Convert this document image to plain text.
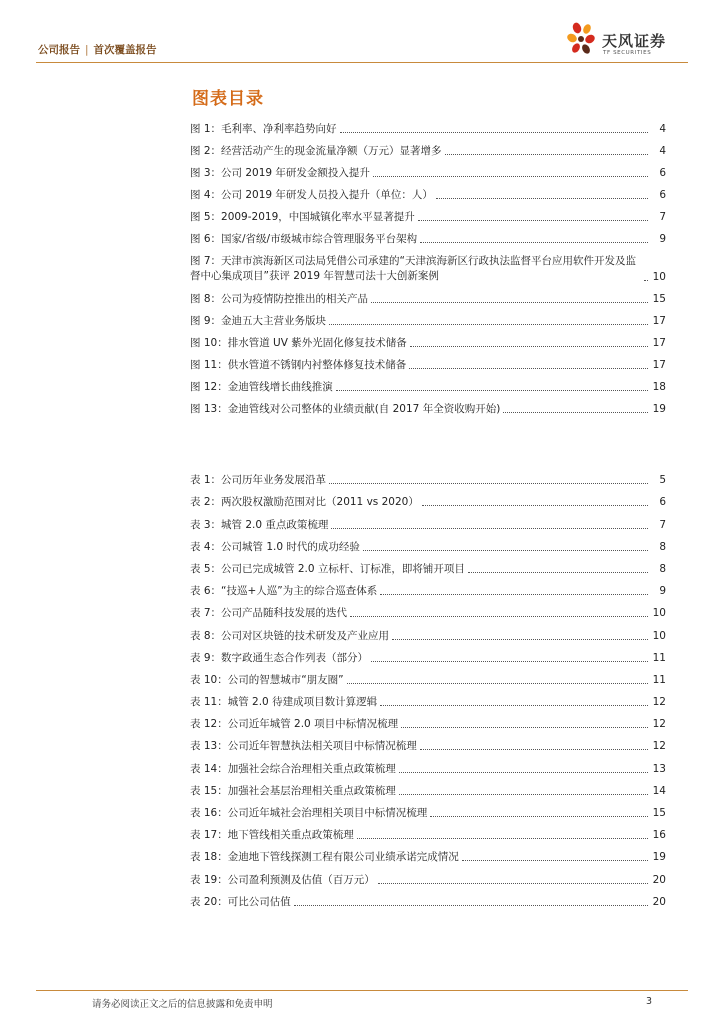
公司报告 | 首次覆盖报告	天风证券
TF SECURITIES
图表目录
图 1：毛利率、净利率趋势向好	4
图 2：经营活动产生的现金流量净额（万元）显著增多	4
图 3：公司 2019 年研发金额投入提升	6
图 4：公司 2019 年研发人员投入提升（单位：人）	6
图 5：2009-2019，中国城镇化率水平显著提升	7
图 6：国家/省级/市级城市综合管理服务平台架构	9
图 7：天津市滨海新区司法局凭借公司承建的“天津滨海新区行政执法监督平台应用软件开发及监督中心集成项目”获评 2019 年智慧司法十大创新案例	10
图 8：公司为疫情防控推出的相关产品	15
图 9：金迪五大主营业务版块	17
图 10：排水管道 UV 紫外光固化修复技术储备	17
图 11：供水管道不锈钢内衬整体修复技术储备	17
图 12：金迪管线增长曲线推演	18
图 13：金迪管线对公司整体的业绩贡献(自 2017 年全资收购开始)	19
表 1：公司历年业务发展沿革	5
表 2：两次股权激励范围对比（2011 vs 2020）	6
表 3：城管 2.0 重点政策梳理	7
表 4：公司城管 1.0 时代的成功经验	8
表 5：公司已完成城管 2.0 立标杆、订标准，即将铺开项目	8
表 6：“技巡+人巡”为主的综合巡查体系	9
表 7：公司产品随科技发展的迭代	10
表 8：公司对区块链的技术研发及产业应用	10
表 9：数字政通生态合作列表（部分）	11
表 10：公司的智慧城市“朋友圈”	11
表 11：城管 2.0 待建成项目数计算逻辑	12
表 12：公司近年城管 2.0 项目中标情况梳理	12
表 13：公司近年智慧执法相关项目中标情况梳理	12
表 14：加强社会综合治理相关重点政策梳理	13
表 15：加强社会基层治理相关重点政策梳理	14
表 16：公司近年城社会治理相关项目中标情况梳理	15
表 17：地下管线相关重点政策梳理	16
表 18：金迪地下管线探测工程有限公司业绩承诺完成情况	19
表 19：公司盈利预测及估值（百万元）	20
表 20：可比公司估值	20
请务必阅读正文之后的信息披露和免责申明	3
